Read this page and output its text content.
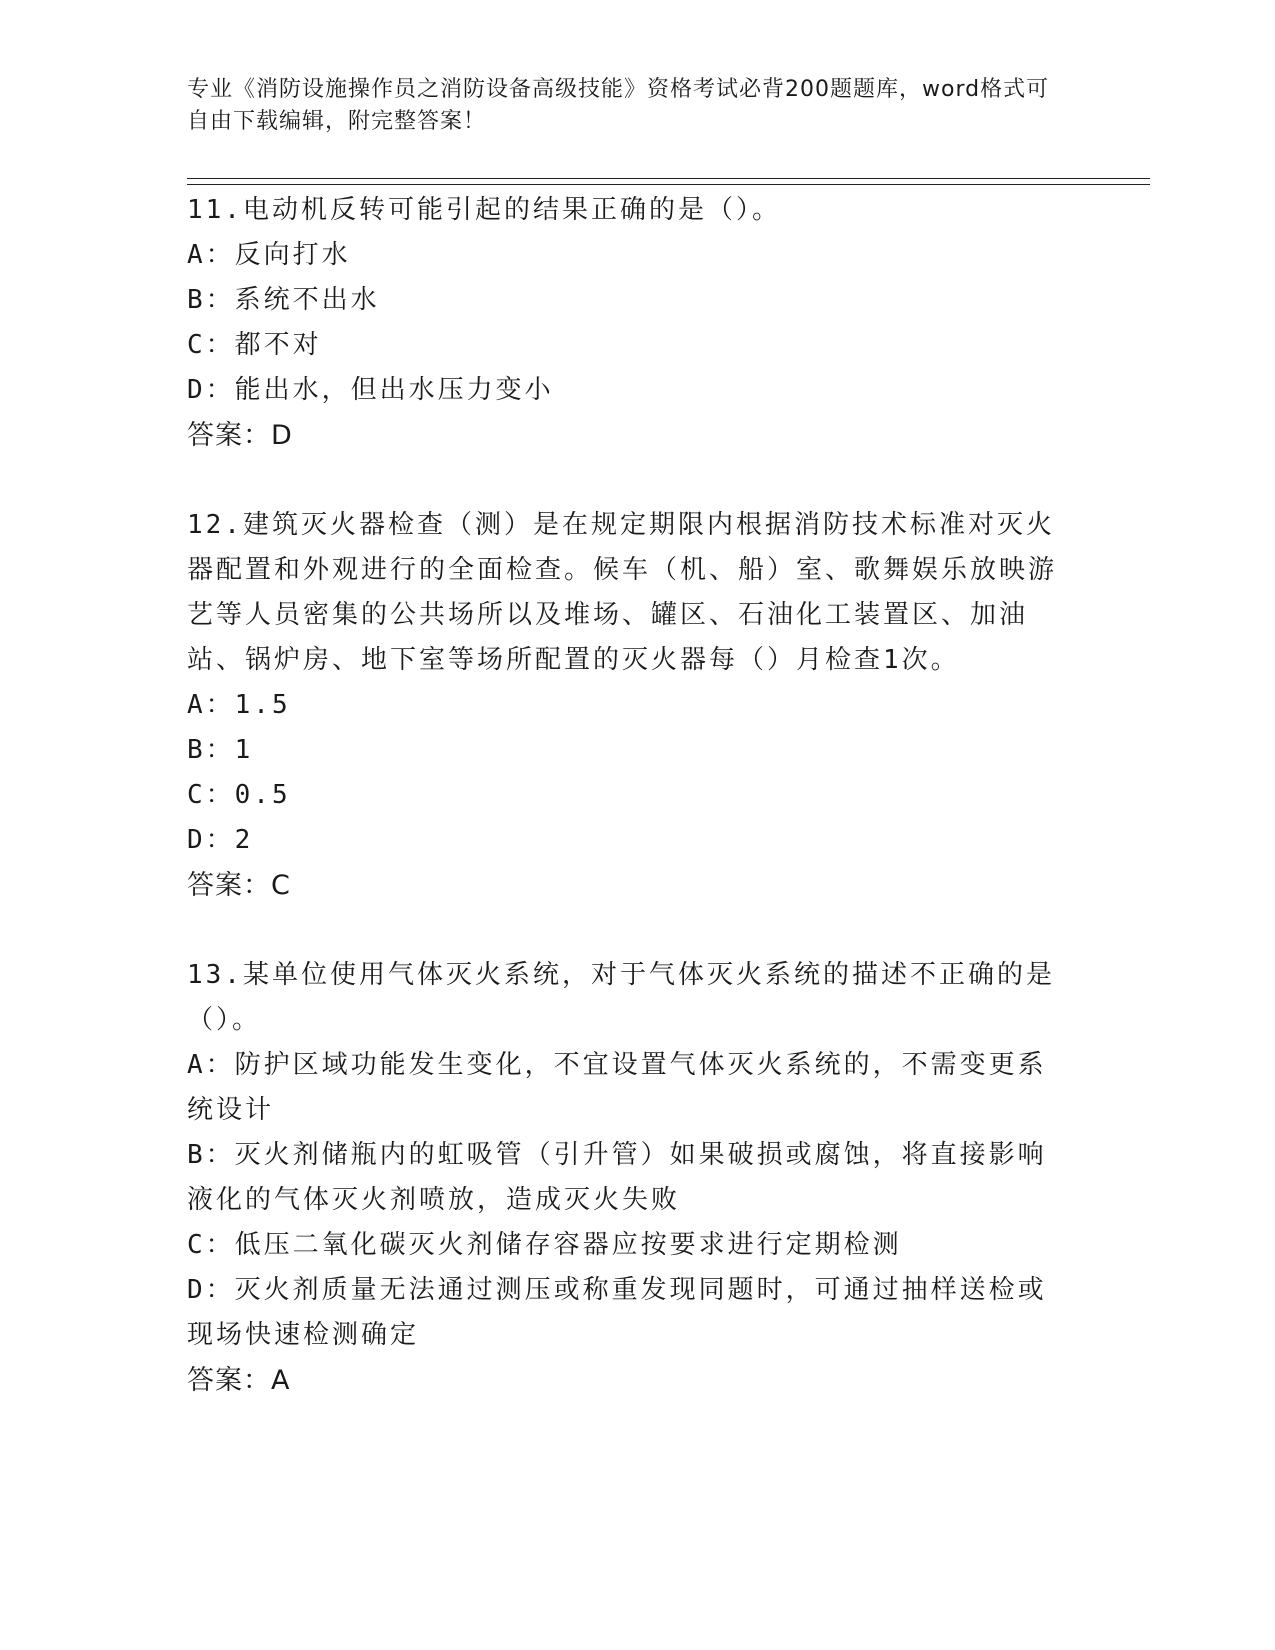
专业《消防设施操作员之消防设备高级技能》资格考试必背200题题库，word格式可自由下载编辑，附完整答案！

11.电动机反转可能引起的结果正确的是（）。

A：反向打水

B：系统不出水

C：都不对

D：能出水，但出水压力变小

答案：D

12.建筑灭火器检查（测）是在规定期限内根据消防技术标准对灭火器配置和外观进行的全面检查。候车（机、船）室、歌舞娱乐放映游艺等人员密集的公共场所以及堆场、罐区、石油化工装置区、加油站、锅炉房、地下室等场所配置的灭火器每（）月检查1次。

A：1.5

B：1

C：0.5

D：2

答案：C

13.某单位使用气体灭火系统，对于气体灭火系统的描述不正确的是（）。

A：防护区域功能发生变化，不宜设置气体灭火系统的，不需变更系统设计

B：灭火剂储瓶内的虹吸管（引升管）如果破损或腐蚀，将直接影响液化的气体灭火剂喷放，造成灭火失败

C：低压二氧化碳灭火剂储存容器应按要求进行定期检测

D：灭火剂质量无法通过测压或称重发现同题时，可通过抽样送检或现场快速检测确定

答案：A
